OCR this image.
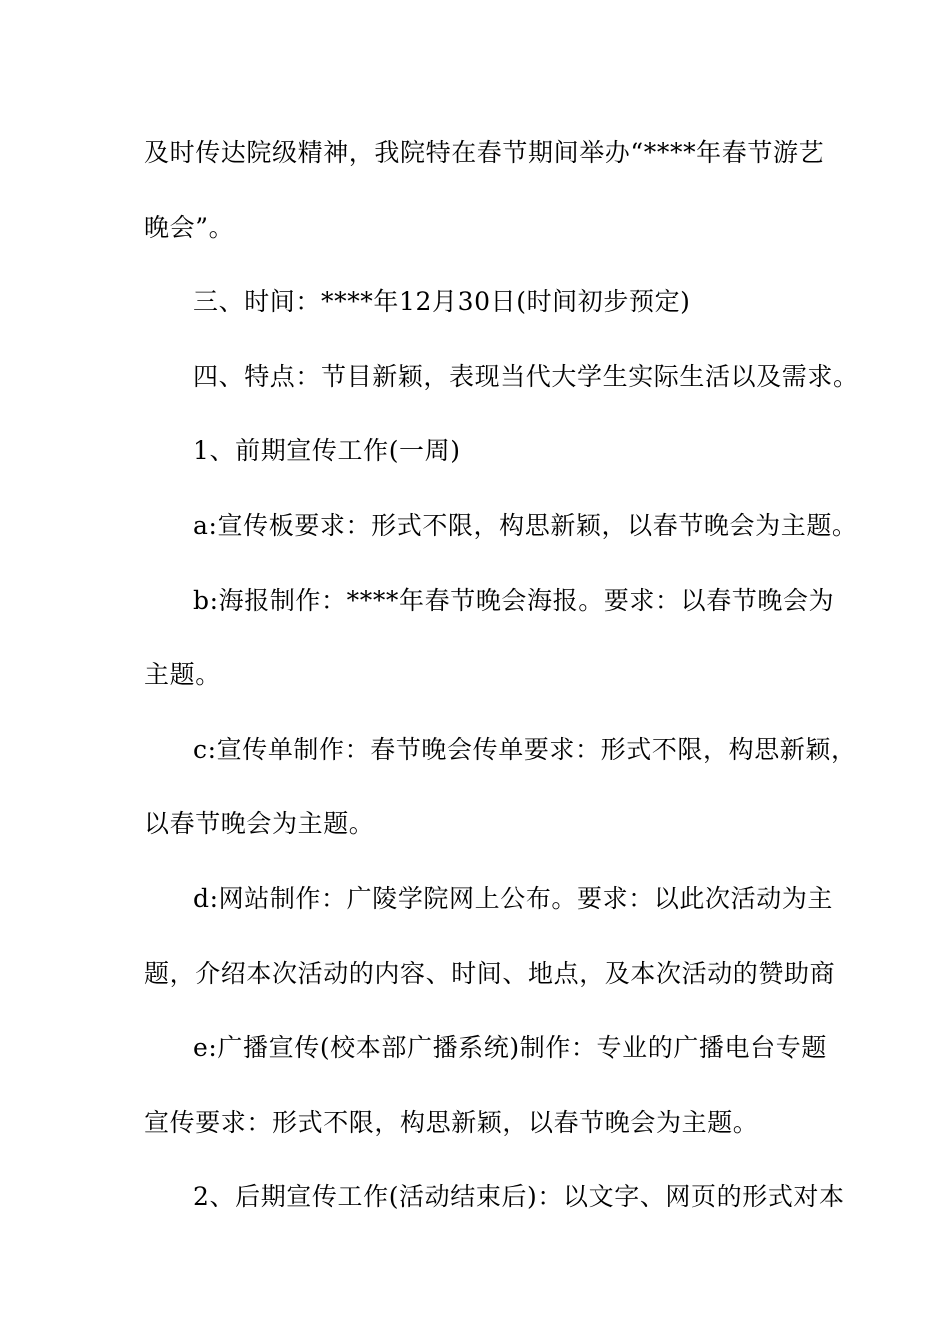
及时传达院级精神，我院特在春节期间举办“****年春节游艺
晚会”。
三、时间：****年12月30日(时间初步预定)
四、特点：节目新颖，表现当代大学生实际生活以及需求。
1、前期宣传工作(一周)
a:宣传板要求：形式不限，构思新颖，以春节晚会为主题。
b:海报制作：****年春节晚会海报。要求：以春节晚会为
主题。
c:宣传单制作：春节晚会传单要求：形式不限，构思新颖，
以春节晚会为主题。
d:网站制作：广陵学院网上公布。要求：以此次活动为主
题，介绍本次活动的内容、时间、地点，及本次活动的赞助商
e:广播宣传(校本部广播系统)制作：专业的广播电台专题
宣传要求：形式不限，构思新颖，以春节晚会为主题。
2、后期宣传工作(活动结束后)：以文字、网页的形式对本
